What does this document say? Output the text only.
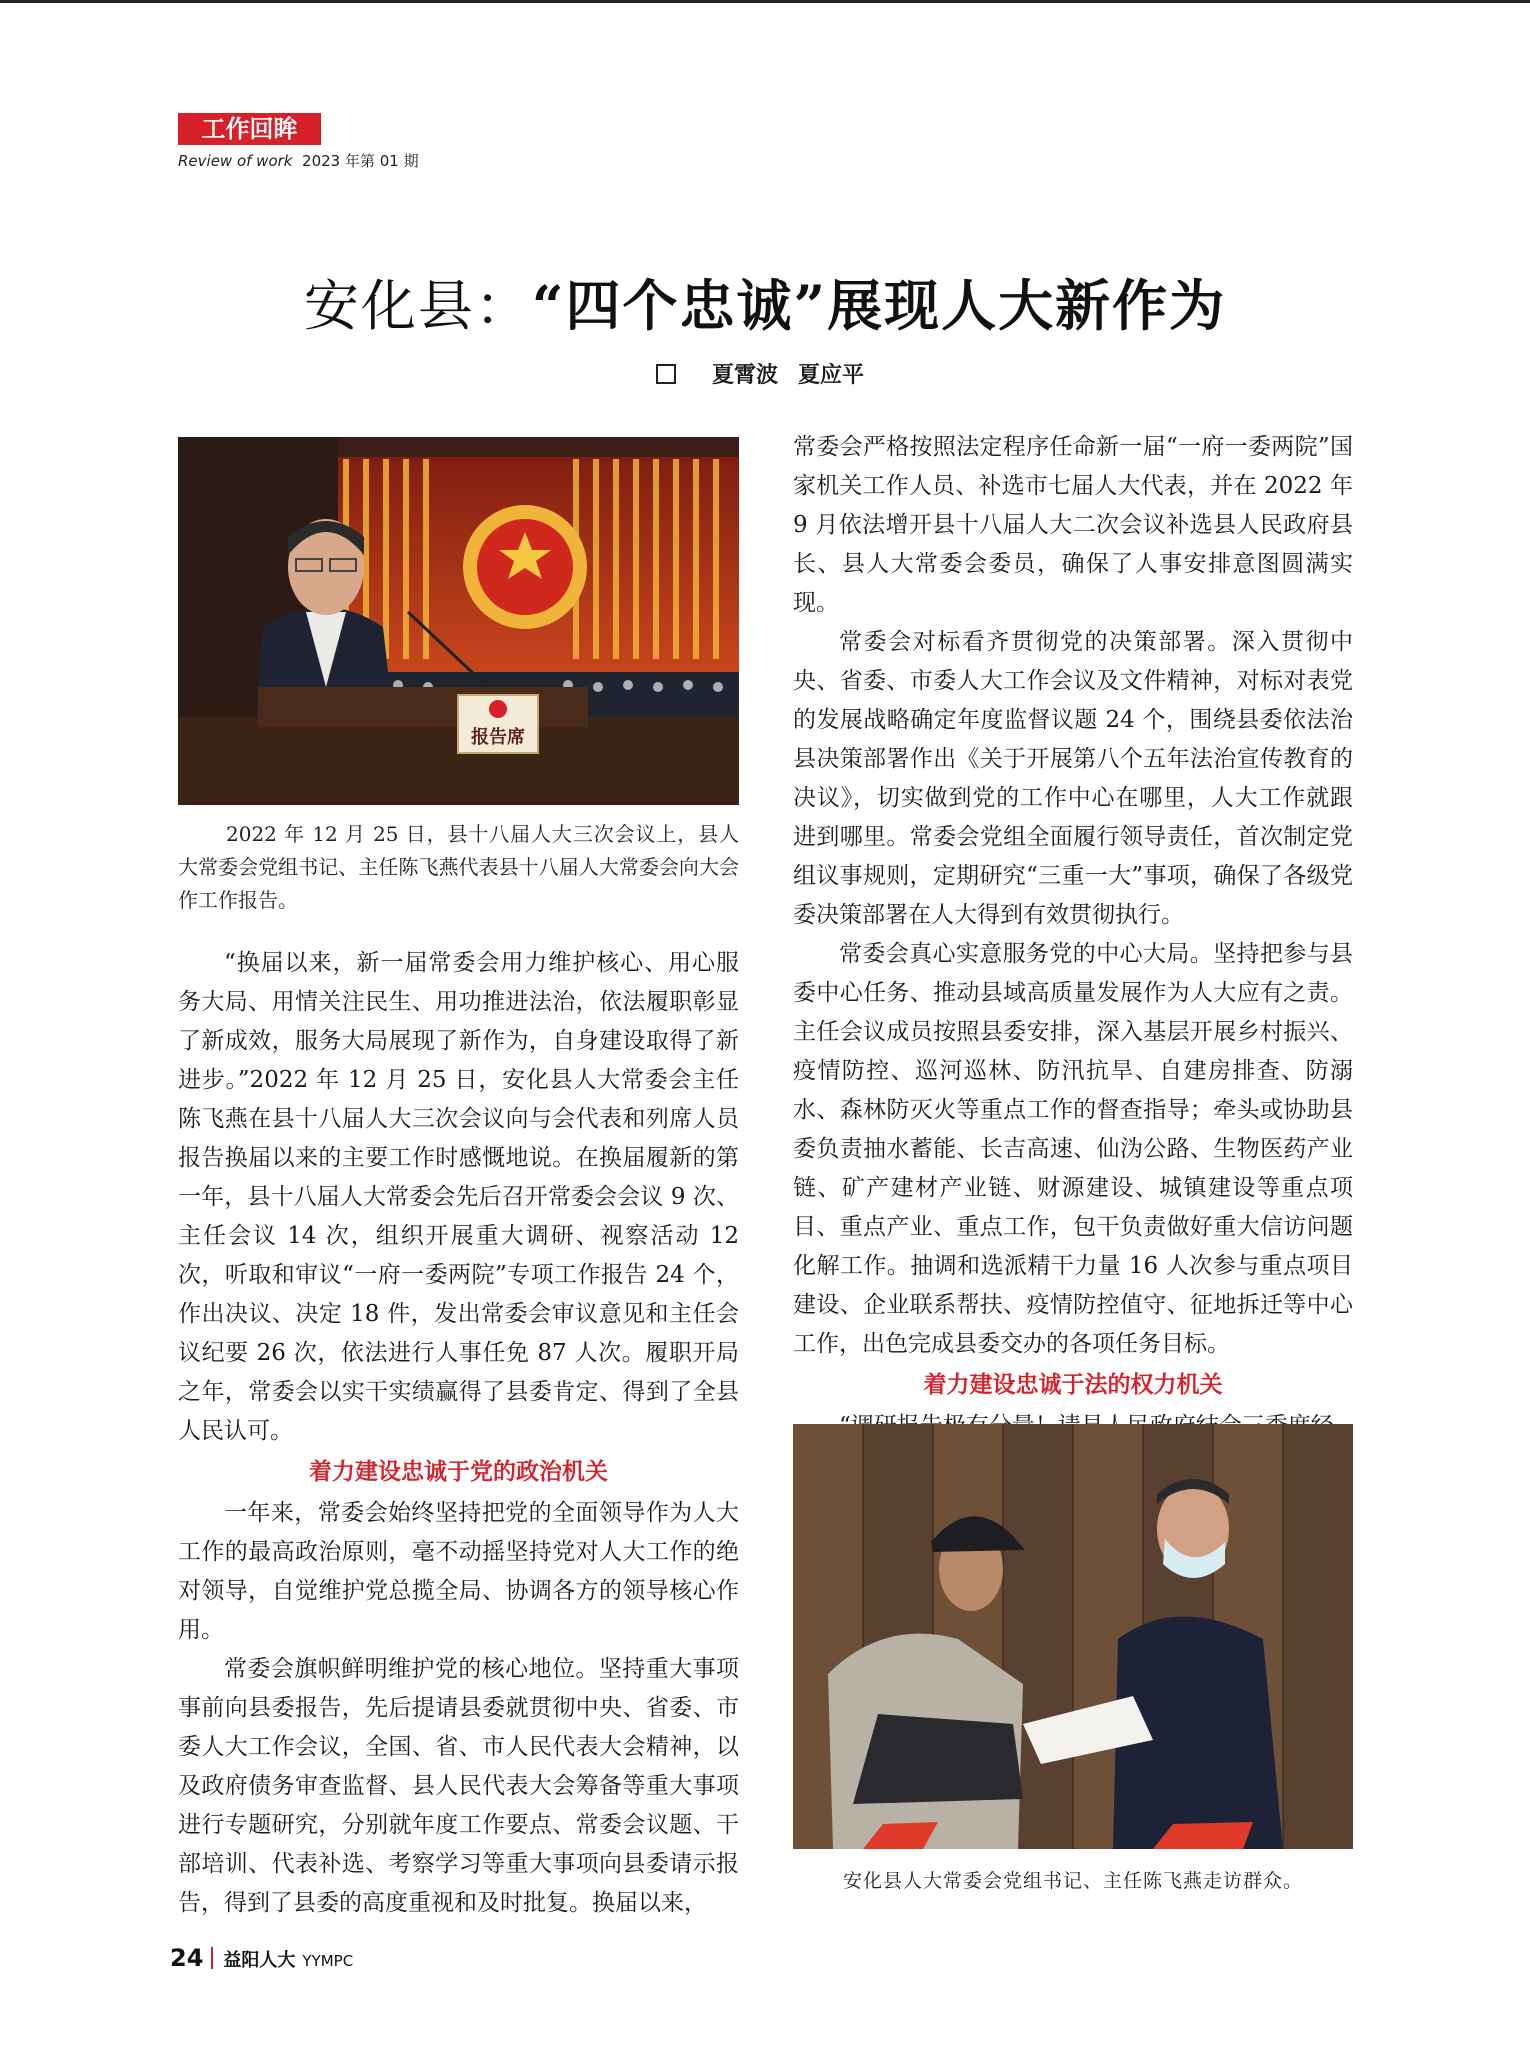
工作回眸
Review of work 2023 年第 01 期
安化县：“四个忠诚”展现人大新作为
夏霄波 夏应平
报告席
2022 年 12 月 25 日，县十八届人大三次会议上，县人大常委会党组书记、主任陈飞燕代表县十八届人大常委会向大会作工作报告。

“换届以来，新一届常委会用力维护核心、用心服务大局、用情关注民生、用功推进法治，依法履职彰显了新成效，服务大局展现了新作为，自身建设取得了新进步。”2022 年 12 月 25 日，安化县人大常委会主任陈飞燕在县十八届人大三次会议向与会代表和列席人员报告换届以来的主要工作时感慨地说。在换届履新的第一年，县十八届人大常委会先后召开常委会会议 9 次、主任会议 14 次，组织开展重大调研、视察活动 12 次，听取和审议“一府一委两院”专项工作报告 24 个，作出决议、决定 18 件，发出常委会审议意见和主任会议纪要 26 次，依法进行人事任免 87 人次。履职开局之年，常委会以实干实绩赢得了县委肯定、得到了全县人民认可。

着力建设忠诚于党的政治机关

一年来，常委会始终坚持把党的全面领导作为人大工作的最高政治原则，毫不动摇坚持党对人大工作的绝对领导，自觉维护党总揽全局、协调各方的领导核心作用。

常委会旗帜鲜明维护党的核心地位。坚持重大事项事前向县委报告，先后提请县委就贯彻中央、省委、市委人大工作会议，全国、省、市人民代表大会精神，以及政府债务审查监督、县人民代表大会筹备等重大事项进行专题研究，分别就年度工作要点、常委会议题、干部培训、代表补选、考察学习等重大事项向县委请示报告，得到了县委的高度重视和及时批复。换届以来，

常委会严格按照法定程序任命新一届“一府一委两院”国家机关工作人员、补选市七届人大代表，并在 2022 年 9 月依法增开县十八届人大二次会议补选县人民政府县长、县人大常委会委员，确保了人事安排意图圆满实现。

常委会对标看齐贯彻党的决策部署。深入贯彻中央、省委、市委人大工作会议及文件精神，对标对表党的发展战略确定年度监督议题 24 个，围绕县委依法治县决策部署作出《关于开展第八个五年法治宣传教育的决议》，切实做到党的工作中心在哪里，人大工作就跟进到哪里。常委会党组全面履行领导责任，首次制定党组议事规则，定期研究“三重一大”事项，确保了各级党委决策部署在人大得到有效贯彻执行。

常委会真心实意服务党的中心大局。坚持把参与县委中心任务、推动县域高质量发展作为人大应有之责。主任会议成员按照县委安排，深入基层开展乡村振兴、疫情防控、巡河巡林、防汛抗旱、自建房排查、防溺水、森林防灭火等重点工作的督查指导；牵头或协助县委负责抽水蓄能、长吉高速、仙沩公路、生物医药产业链、矿产建材产业链、财源建设、城镇建设等重点项目、重点产业、重点工作，包干负责做好重大信访问题化解工作。抽调和选派精干力量 16 人次参与重点项目建设、企业联系帮扶、疫情防控值守、征地拆迁等中心工作，出色完成县委交办的各项任务目标。

着力建设忠诚于法的权力机关

安化县人大常委会党组书记、主任陈飞燕走访群众。
24 益阳人大 YYMPC
